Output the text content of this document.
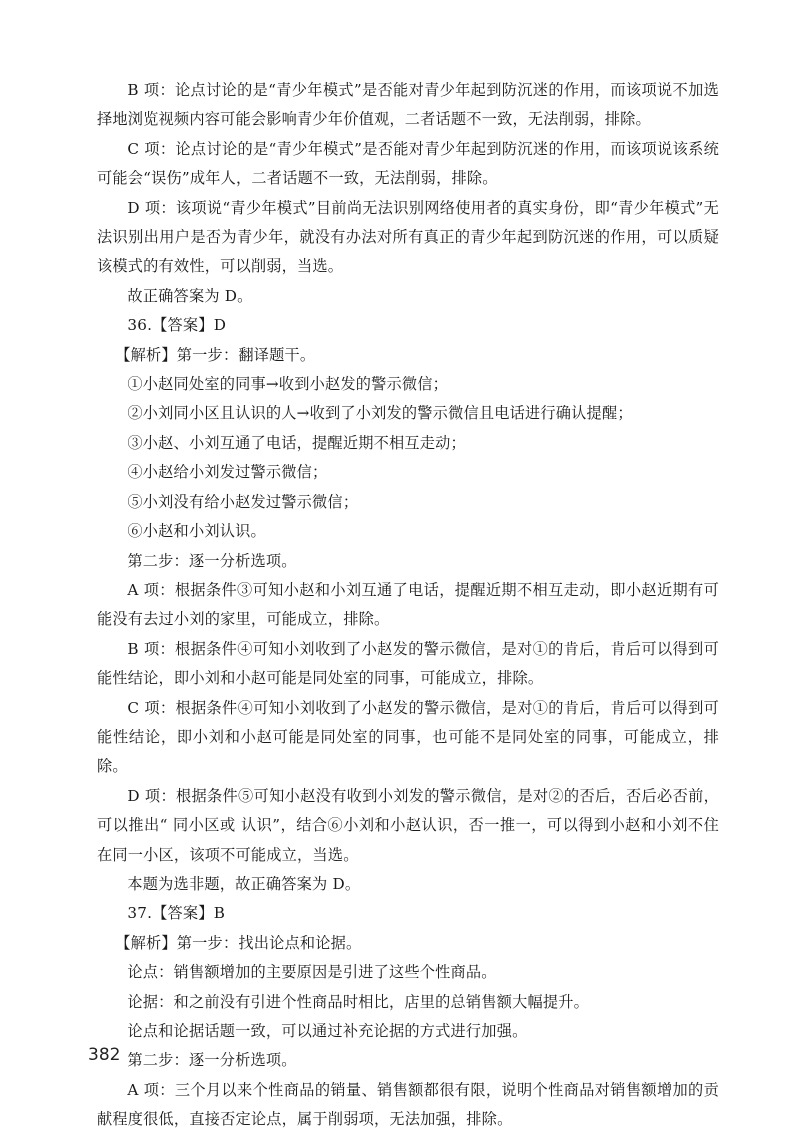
B 项：论点讨论的是“青少年模式”是否能对青少年起到防沉迷的作用，而该项说不加选择地浏览视频内容可能会影响青少年价值观，二者话题不一致，无法削弱，排除。

C 项：论点讨论的是“青少年模式”是否能对青少年起到防沉迷的作用，而该项说该系统可能会“误伤”成年人，二者话题不一致，无法削弱，排除。

D 项：该项说“青少年模式”目前尚无法识别网络使用者的真实身份，即“青少年模式”无法识别出用户是否为青少年，就没有办法对所有真正的青少年起到防沉迷的作用，可以质疑该模式的有效性，可以削弱，当选。

故正确答案为 D。

36.【答案】D

【解析】第一步：翻译题干。

①小赵同处室的同事→收到小赵发的警示微信；

②小刘同小区且认识的人→收到了小刘发的警示微信且电话进行确认提醒；

③小赵、小刘互通了电话，提醒近期不相互走动；

④小赵给小刘发过警示微信；

⑤小刘没有给小赵发过警示微信；

⑥小赵和小刘认识。

第二步：逐一分析选项。

A 项：根据条件③可知小赵和小刘互通了电话，提醒近期不相互走动，即小赵近期有可能没有去过小刘的家里，可能成立，排除。

B 项：根据条件④可知小刘收到了小赵发的警示微信，是对①的肯后，肯后可以得到可能性结论，即小刘和小赵可能是同处室的同事，可能成立，排除。

C 项：根据条件④可知小刘收到了小赵发的警示微信，是对①的肯后，肯后可以得到可能性结论，即小刘和小赵可能是同处室的同事，也可能不是同处室的同事，可能成立，排除。

D 项：根据条件⑤可知小赵没有收到小刘发的警示微信，是对②的否后，否后必否前，可以推出“ 同小区或 认识”，结合⑥小刘和小赵认识，否一推一，可以得到小赵和小刘不住在同一小区，该项不可能成立，当选。

本题为选非题，故正确答案为 D。

37.【答案】B

【解析】第一步：找出论点和论据。

论点：销售额增加的主要原因是引进了这些个性商品。

论据：和之前没有引进个性商品时相比，店里的总销售额大幅提升。

论点和论据话题一致，可以通过补充论据的方式进行加强。

第二步：逐一分析选项。

A 项：三个月以来个性商品的销量、销售额都很有限，说明个性商品对销售额增加的贡献程度很低，直接否定论点，属于削弱项，无法加强，排除。

382
